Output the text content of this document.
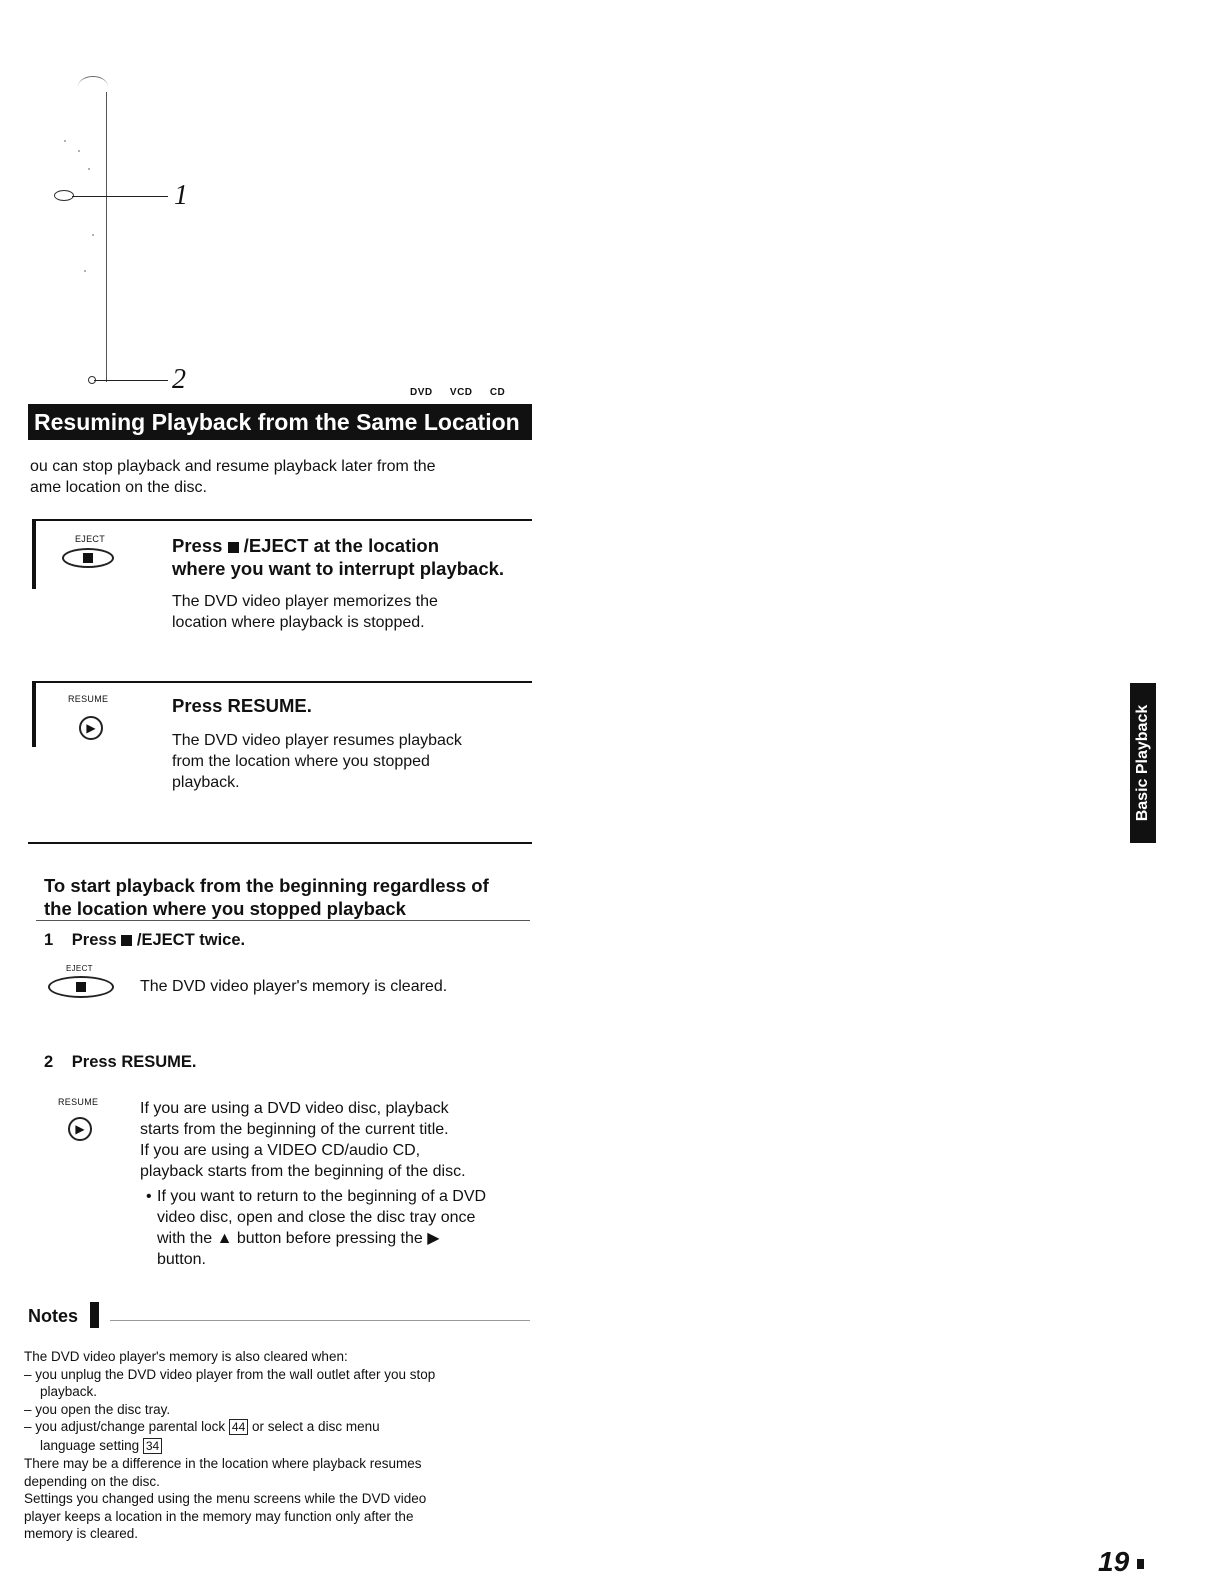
1
2	DVD VCD CD
Resuming Playback from the Same Location
ou can stop playback and resume playback later from the
ame location on the disc.
EJECT	Press  /EJECT at the location
where you want to interrupt playback.
The DVD video player memorizes the
location where playback is stopped.
RESUME
▶
Press RESUME.
The DVD video player resumes playback
from the location where you stopped
playback.
To start playback from the beginning regardless of
the location where you stopped playback
1 Press  /EJECT twice.
EJECT
The DVD video player's memory is cleared.
2 Press RESUME.
RESUME
▶
If you are using a DVD video disc, playback
starts from the beginning of the current title.
If you are using a VIDEO CD/audio CD,
playback starts from the beginning of the disc.
• If you want to return to the beginning of a DVD
video disc, open and close the disc tray once
with the ▲ button before pressing the ▶
button.
Notes
The DVD video player's memory is also cleared when:
– you unplug the DVD video player from the wall outlet after you stop
playback.
– you open the disc tray.
– you adjust/change parental lock 44 or select a disc menu
language setting 34
There may be a difference in the location where playback resumes
depending on the disc.
Settings you changed using the menu screens while the DVD video
player keeps a location in the memory may function only after the
memory is cleared.
Basic Playback
19
